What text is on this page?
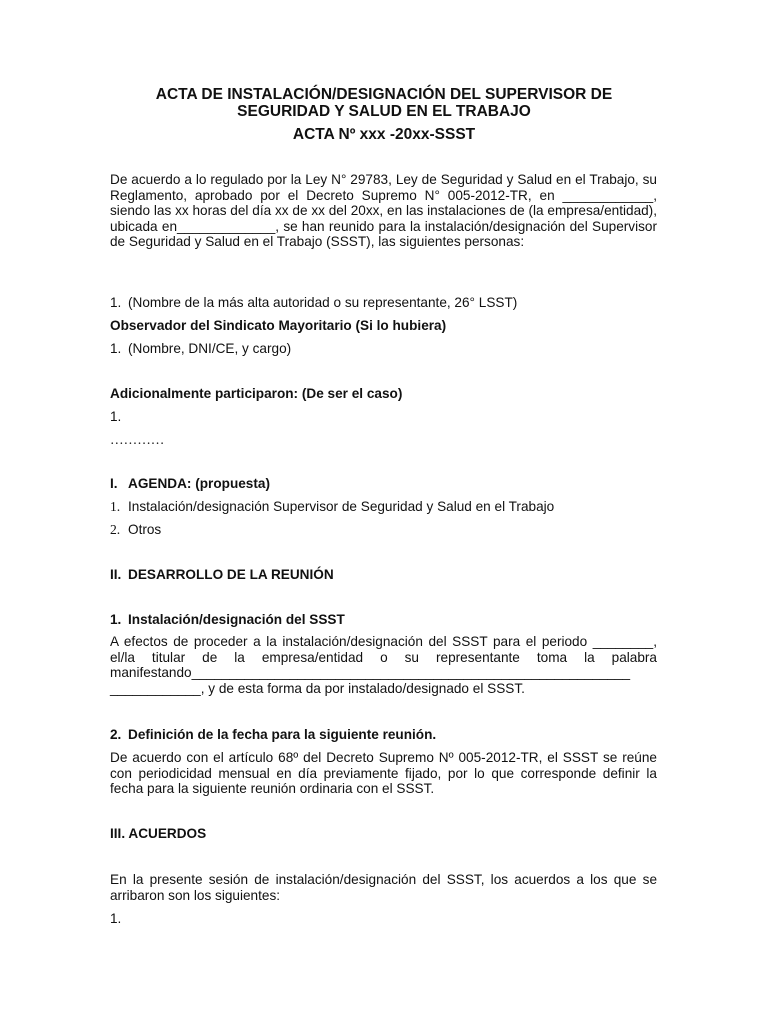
ACTA DE INSTALACIÓN/DESIGNACIÓN DEL SUPERVISOR DE
SEGURIDAD Y SALUD EN EL TRABAJO
ACTA Nº xxx -20xx-SSST
De acuerdo a lo regulado por la Ley N° 29783, Ley de Seguridad y Salud en el Trabajo, su Reglamento, aprobado por el Decreto Supremo N° 005-2012-TR, en ____________, siendo las xx horas del día xx de xx del 20xx, en las instalaciones de (la empresa/entidad), ubicada en_____________, se han reunido para la instalación/designación del Supervisor de Seguridad y Salud en el Trabajo (SSST), las siguientes personas:
1. (Nombre de la más alta autoridad o su representante, 26° LSST)
Observador del Sindicato Mayoritario (Si lo hubiera)
1. (Nombre, DNI/CE, y cargo)
Adicionalmente participaron: (De ser el caso)
1.
…………
I. AGENDA: (propuesta)
1. Instalación/designación Supervisor de Seguridad y Salud en el Trabajo
2. Otros
II. DESARROLLO DE LA REUNIÓN
1. Instalación/designación del SSST
A efectos de proceder a la instalación/designación del SSST para el periodo ________, el/la titular de la empresa/entidad o su representante toma la palabra manifestando__________________________________________________________ ____________, y de esta forma da por instalado/designado el SSST.
2. Definición de la fecha para la siguiente reunión.
De acuerdo con el artículo 68º del Decreto Supremo Nº 005-2012-TR, el SSST se reúne con periodicidad mensual en día previamente fijado, por lo que corresponde definir la fecha para la siguiente reunión ordinaria con el SSST.
III. ACUERDOS
En la presente sesión de instalación/designación del SSST, los acuerdos a los que se arribaron son los siguientes:
1.
